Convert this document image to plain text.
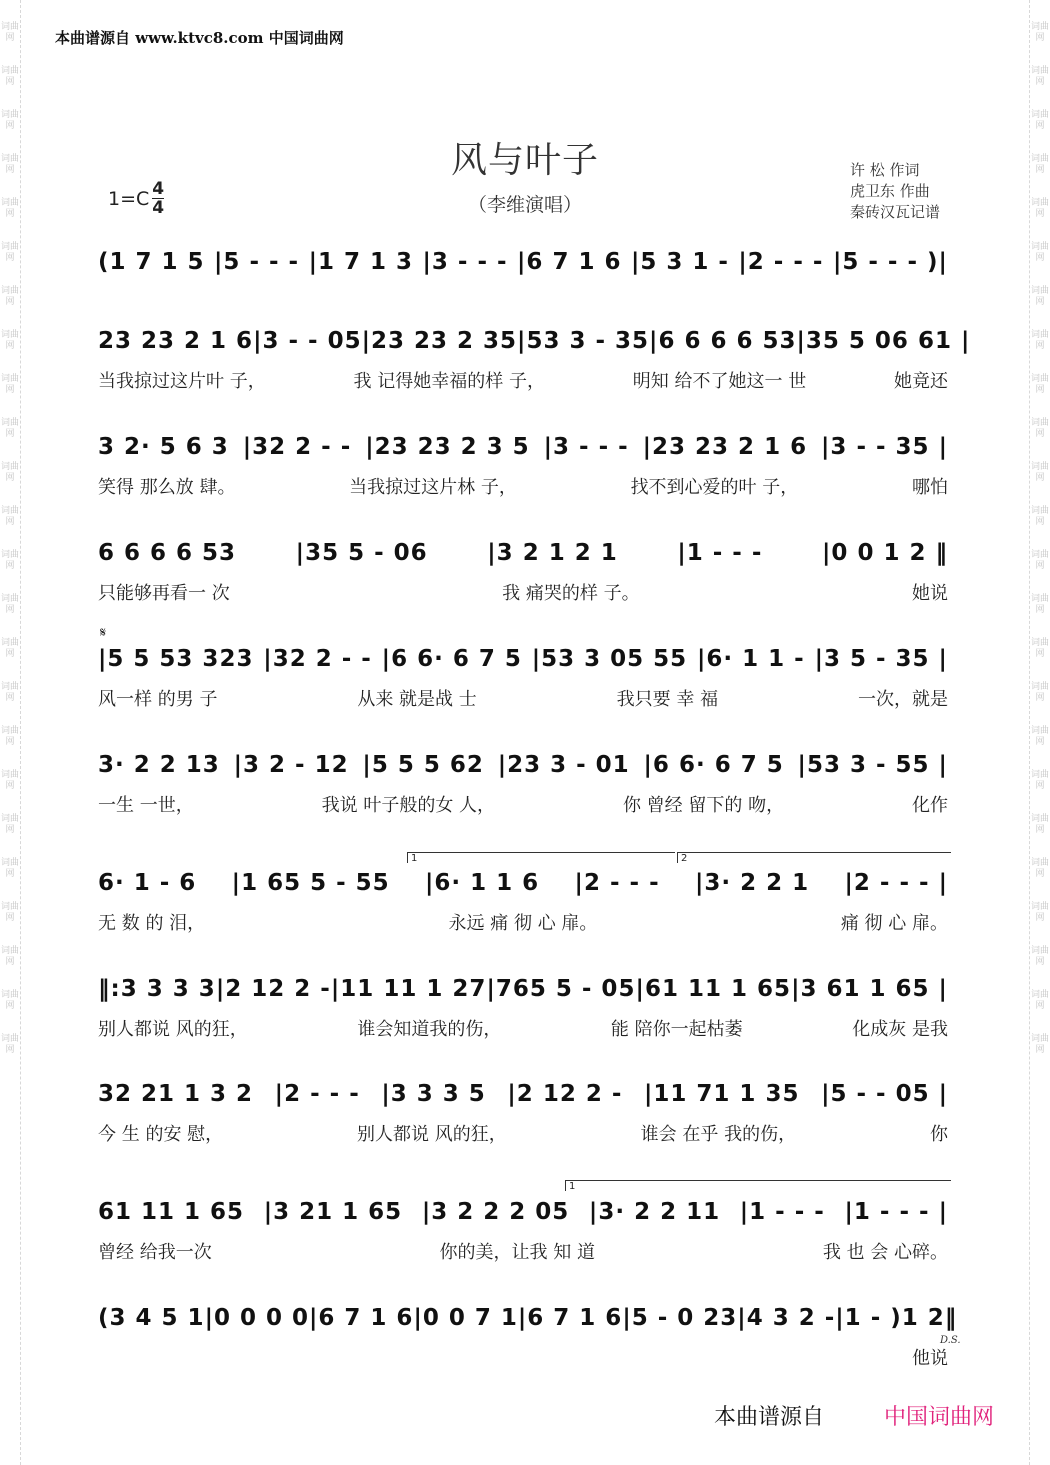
词曲网
词曲网
词曲网
词曲网
词曲网
词曲网
词曲网
词曲网
词曲网
词曲网
词曲网
词曲网
词曲网
词曲网
词曲网
词曲网
词曲网
词曲网
词曲网
词曲网
词曲网
词曲网
词曲网
词曲网
词曲网
词曲网
词曲网
词曲网
词曲网
词曲网
词曲网
词曲网
词曲网
词曲网
词曲网
词曲网
词曲网
词曲网
词曲网
词曲网
词曲网
词曲网
词曲网
词曲网
词曲网
词曲网
词曲网
词曲网
本曲谱源自 www.ktvc8.com 中国词曲网
风与叶子
（李维演唱）
许 松 作词
虎卫东 作曲
秦砖汉瓦记谱
$1=C \frac{4}{4}$
𝄋
1	2
1
D.S.
(1 7 1 5 |5 - - - |1 7 1 3 |3 - - - |6 7 1 6 |5 3 1 - |2 - - - |5 - - - )|
23 23 2 1 6 |3 - - 05 |23 23 2 35 |53 3 - 35 |6 6 6 6 53 |35 5 06 61 |
当我掠过这片叶 子，	我 记得她幸福的样 子，	明知 给不了她这一 世	她竟还
3 2· 5 6 3 |32 2 - - |23 23 2 3 5 |3 - - - |23 23 2 1 6 |3 - - 35 |
笑得 那么放 肆。	当我掠过这片林 子，	找不到心爱的叶 子，	哪怕
6 6 6 6 53	|35 5 - 06	|3 2 1 2 1	|1 - - -	|0 0 1 2 ‖
只能够再看一 次	我 痛哭的样 子。	她说
|5 5 53 323 |32 2 - - |6 6· 6 7 5 |53 3 05 55 |6· 1 1 - |3 5 - 35 |
风一样 的男 子	从来 就是战 士	我只要 幸 福	一次，就是
3· 2 2 13 |3 2 - 12 |5 5 5 62 |23 3 - 01 |6 6· 6 7 5 |53 3 - 55 |
一生 一世，	我说 叶子般的女 人，	你 曾经 留下的 吻，	化作
6· 1 - 6 |1 65 5 - 55 |6· 1 1 6 |2 - - - |3· 2 2 1 |2 - - - |
无 数 的 泪，	永远 痛 彻 心 扉。	痛 彻 心 扉。
‖:3 3 3 3 |2 12 2 - |11 11 1 27 |765 5 - 05 |61 11 1 65 |3 61 1 65 |
别人都说 风的狂，	谁会知道我的伤，	能 陪你一起枯萎	化成灰 是我
32 21 1 3 2 |2 - - - |3 3 3 5 |2 12 2 - |11 71 1 35 |5 - - 05 |
今 生 的安 慰，	别人都说 风的狂，	谁会 在乎 我的伤，	你
61 11 1 65 |3 21 1 65 |3 2 2 2 05 |3· 2 2 11 |1 - - - |1 - - - |
曾经 给我一次	你的美，让我 知 道	我 也 会 心碎。
(3 4 5 1 |0 0 0 0 |6 7 1 6 |0 0 7 1 |6 7 1 6 |5 - 0 23 |4 3 2 - |1 - )1 2‖
他说
本曲谱源自	中国词曲网
